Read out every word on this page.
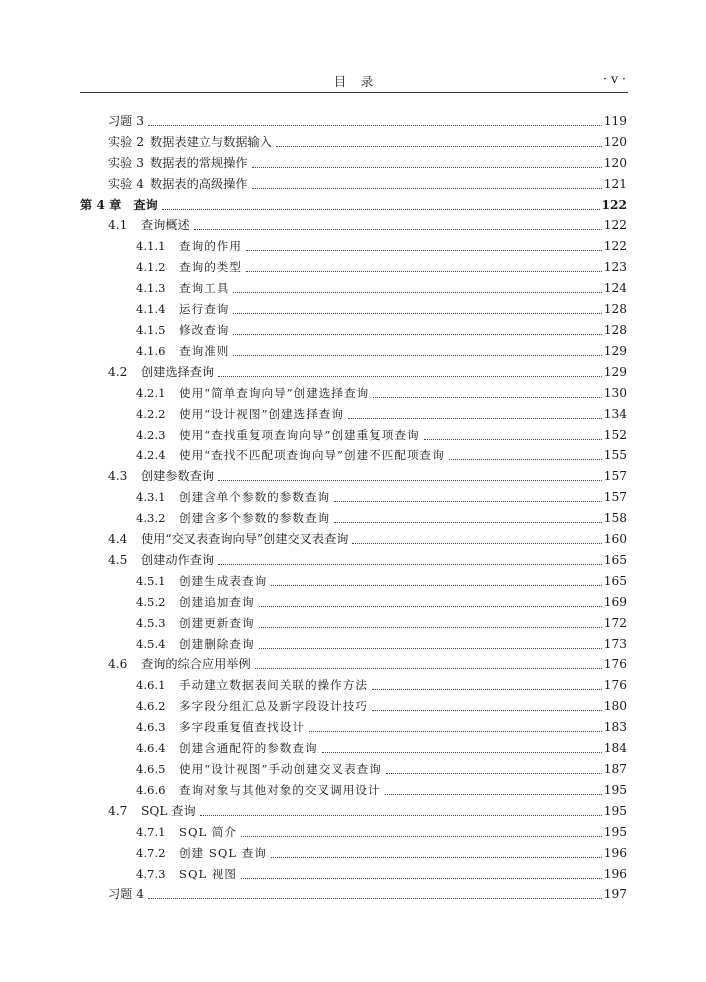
目　录	· v ·
习题 3	119
实验 2 数据表建立与数据输入	120
实验 3 数据表的常规操作	120
实验 4 数据表的高级操作	121
第 4 章 查询	122
4.1	查询概述	122
4.1.1	查询的作用	122
4.1.2	查询的类型	123
4.1.3	查询工具	124
4.1.4	运行查询	128
4.1.5	修改查询	128
4.1.6	查询准则	129
4.2	创建选择查询	129
4.2.1	使用“简单查询向导”创建选择查询	130
4.2.2	使用“设计视图”创建选择查询	134
4.2.3	使用“查找重复项查询向导”创建重复项查询	152
4.2.4	使用“查找不匹配项查询向导”创建不匹配项查询	155
4.3	创建参数查询	157
4.3.1	创建含单个参数的参数查询	157
4.3.2	创建含多个参数的参数查询	158
4.4	使用“交叉表查询向导”创建交叉表查询	160
4.5	创建动作查询	165
4.5.1	创建生成表查询	165
4.5.2	创建追加查询	169
4.5.3	创建更新查询	172
4.5.4	创建删除查询	173
4.6	查询的综合应用举例	176
4.6.1	手动建立数据表间关联的操作方法	176
4.6.2	多字段分组汇总及新字段设计技巧	180
4.6.3	多字段重复值查找设计	183
4.6.4	创建含通配符的参数查询	184
4.6.5	使用“设计视图”手动创建交叉表查询	187
4.6.6	查询对象与其他对象的交叉调用设计	195
4.7	SQL 查询	195
4.7.1	SQL 简介	195
4.7.2	创建 SQL 查询	196
4.7.3	SQL 视图	196
习题 4	197
